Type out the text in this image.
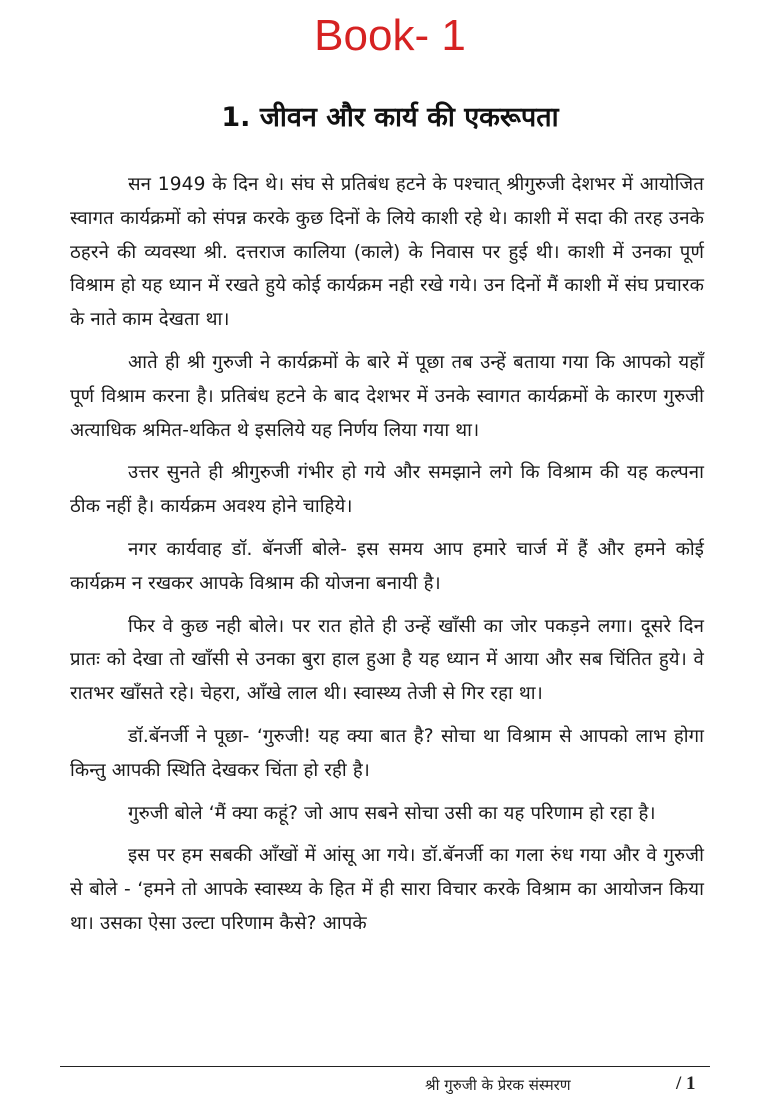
Book- 1
1. जीवन और कार्य की एकरूपता

सन 1949 के दिन थे। संघ से प्रतिबंध हटने के पश्चात् श्रीगुरुजी देशभर में आयोजित स्वागत कार्यक्रमों को संपन्न करके कुछ दिनों के लिये काशी रहे थे। काशी में सदा की तरह उनके ठहरने की व्यवस्था श्री. दत्तराज कालिया (काले) के निवास पर हुई थी। काशी में उनका पूर्ण विश्राम हो यह ध्यान में रखते हुये कोई कार्यक्रम नही रखे गये। उन दिनों मैं काशी में संघ प्रचारक के नाते काम देखता था।

आते ही श्री गुरुजी ने कार्यक्रमों के बारे में पूछा तब उन्हें बताया गया कि आपको यहाँ पूर्ण विश्राम करना है। प्रतिबंध हटने के बाद देशभर में उनके स्वागत कार्यक्रमों के कारण गुरुजी अत्याधिक श्रमित-थकित थे इसलिये यह निर्णय लिया गया था।

उत्तर सुनते ही श्रीगुरुजी गंभीर हो गये और समझाने लगे कि विश्राम की यह कल्पना ठीक नहीं है। कार्यक्रम अवश्य होने चाहिये।

नगर कार्यवाह डॉ. बॅनर्जी बोले- इस समय आप हमारे चार्ज में हैं और हमने कोई कार्यक्रम न रखकर आपके विश्राम की योजना बनायी है।

फिर वे कुछ नही बोले। पर रात होते ही उन्हें खाँसी का जोर पकड़ने लगा। दूसरे दिन प्रातः को देखा तो खाँसी से उनका बुरा हाल हुआ है यह ध्यान में आया और सब चिंतित हुये। वे रातभर खाँसते रहे। चेहरा, आँखे लाल थी। स्वास्थ्य तेजी से गिर रहा था।

डॉ.बॅनर्जी ने पूछा- ‘गुरुजी! यह क्या बात है? सोचा था विश्राम से आपको लाभ होगा किन्तु आपकी स्थिति देखकर चिंता हो रही है।

गुरुजी बोले ‘मैं क्या कहूं? जो आप सबने सोचा उसी का यह परिणाम हो रहा है।

इस पर हम सबकी आँखों में आंसू आ गये। डॉ.बॅनर्जी का गला रुंध गया और वे गुरुजी से बोले - ‘हमने तो आपके स्वास्थ्य के हित में ही सारा विचार करके विश्राम का आयोजन किया था। उसका ऐसा उल्टा परिणाम कैसे? आपके

श्री गुरुजी के प्रेरक संस्मरण	/ 1
